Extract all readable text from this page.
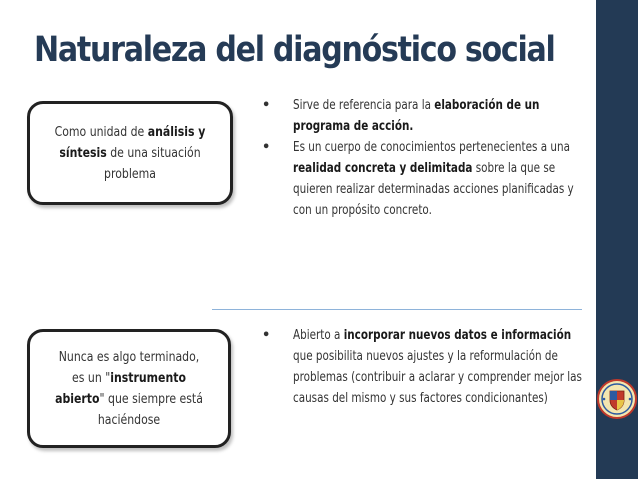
Naturaleza del diagnóstico social
Como unidad de análisis y síntesis de una situación problema
• Sirve de referencia para la elaboración de un programa de acción.
• Es un cuerpo de conocimientos pertenecientes a una realidad concreta y delimitada sobre la que se quieren realizar determinadas acciones planificadas y con un propósito concreto.
Nunca es algo terminado, es un "instrumento abierto" que siempre está haciéndose
• Abierto a incorporar nuevos datos e información que posibilita nuevos ajustes y la reformulación de problemas (contribuir a aclarar y comprender mejor las causas del mismo y sus factores condicionantes)
